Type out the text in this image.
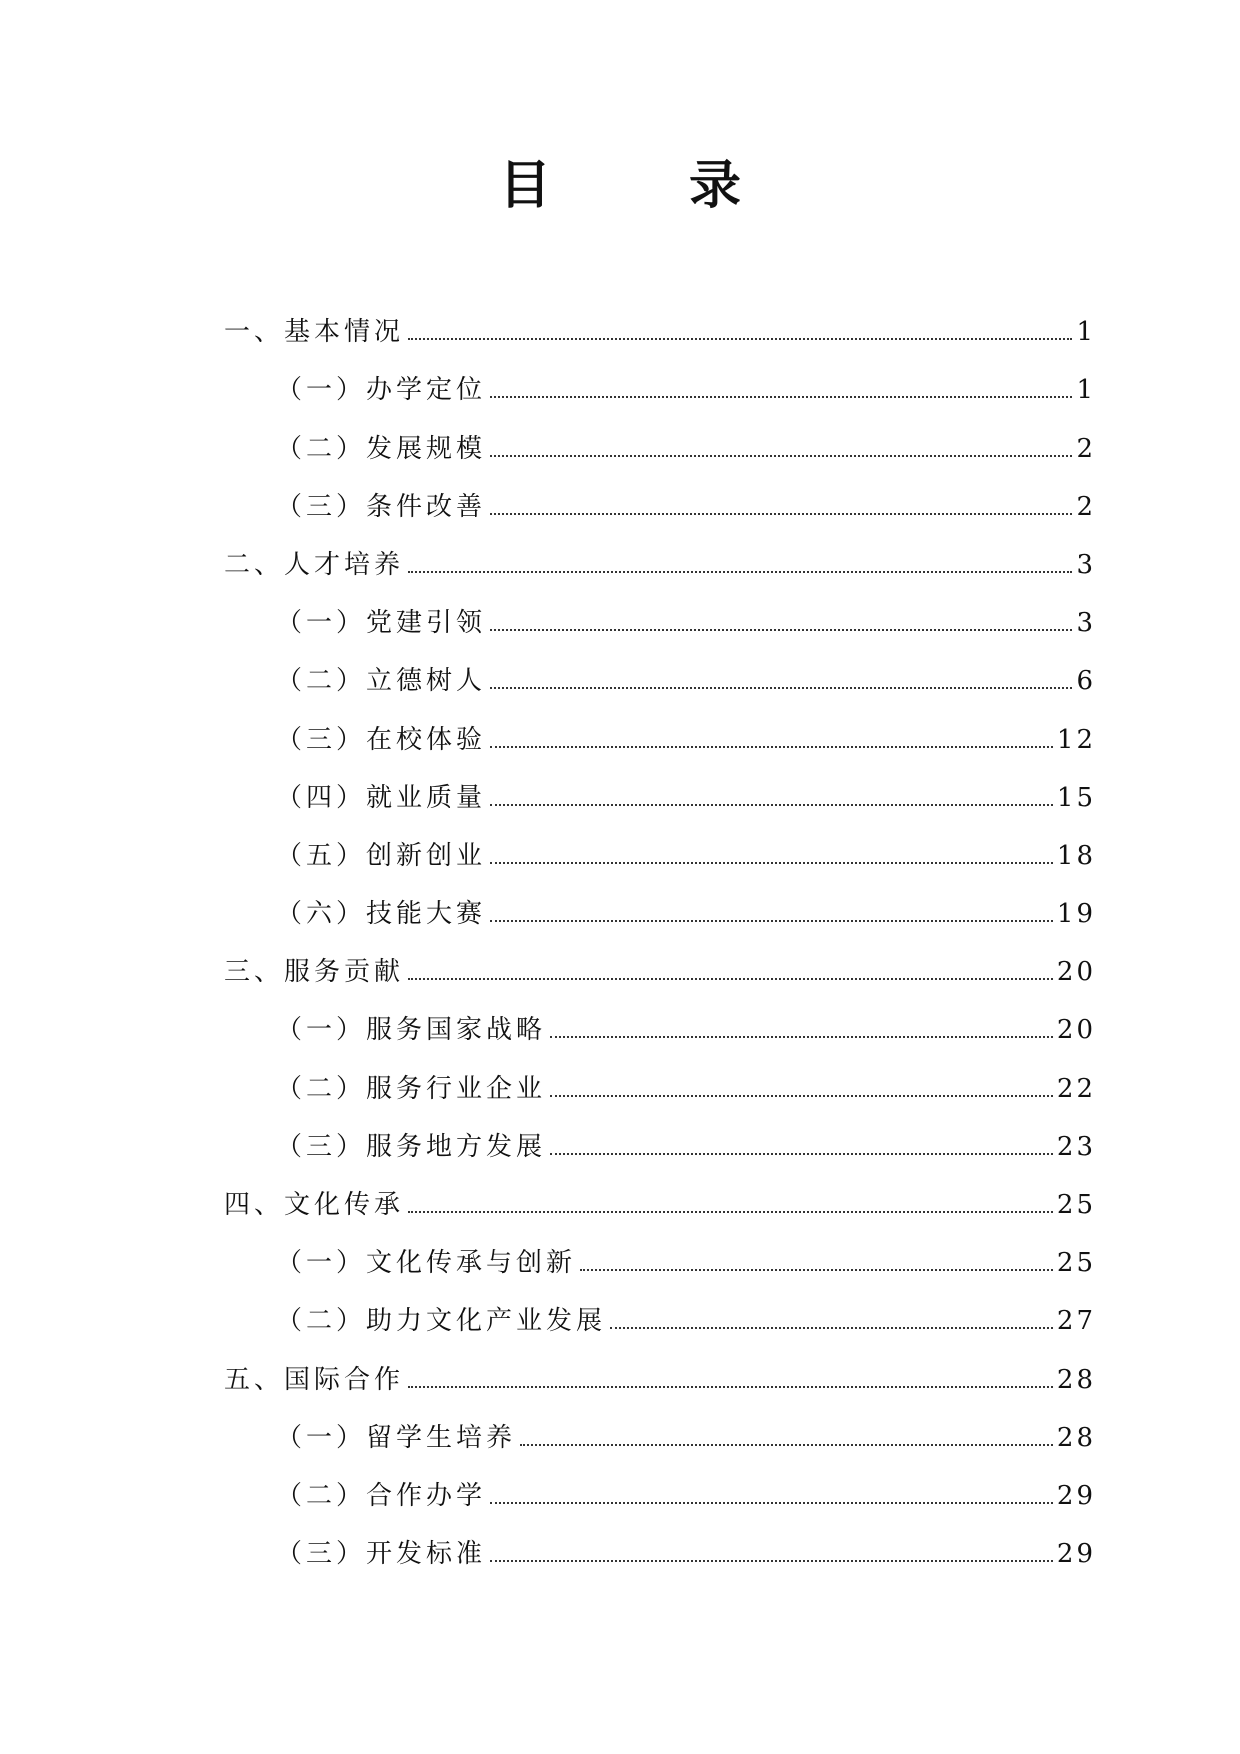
目 录
一、基本情况	1
（一）办学定位	1
（二）发展规模	2
（三）条件改善	2
二、人才培养	3
（一）党建引领	3
（二）立德树人	6
（三）在校体验	12
（四）就业质量	15
（五）创新创业	18
（六）技能大赛	19
三、服务贡献	20
（一）服务国家战略	20
（二）服务行业企业	22
（三）服务地方发展	23
四、文化传承	25
（一）文化传承与创新	25
（二）助力文化产业发展	27
五、国际合作	28
（一）留学生培养	28
（二）合作办学	29
（三）开发标准	29
